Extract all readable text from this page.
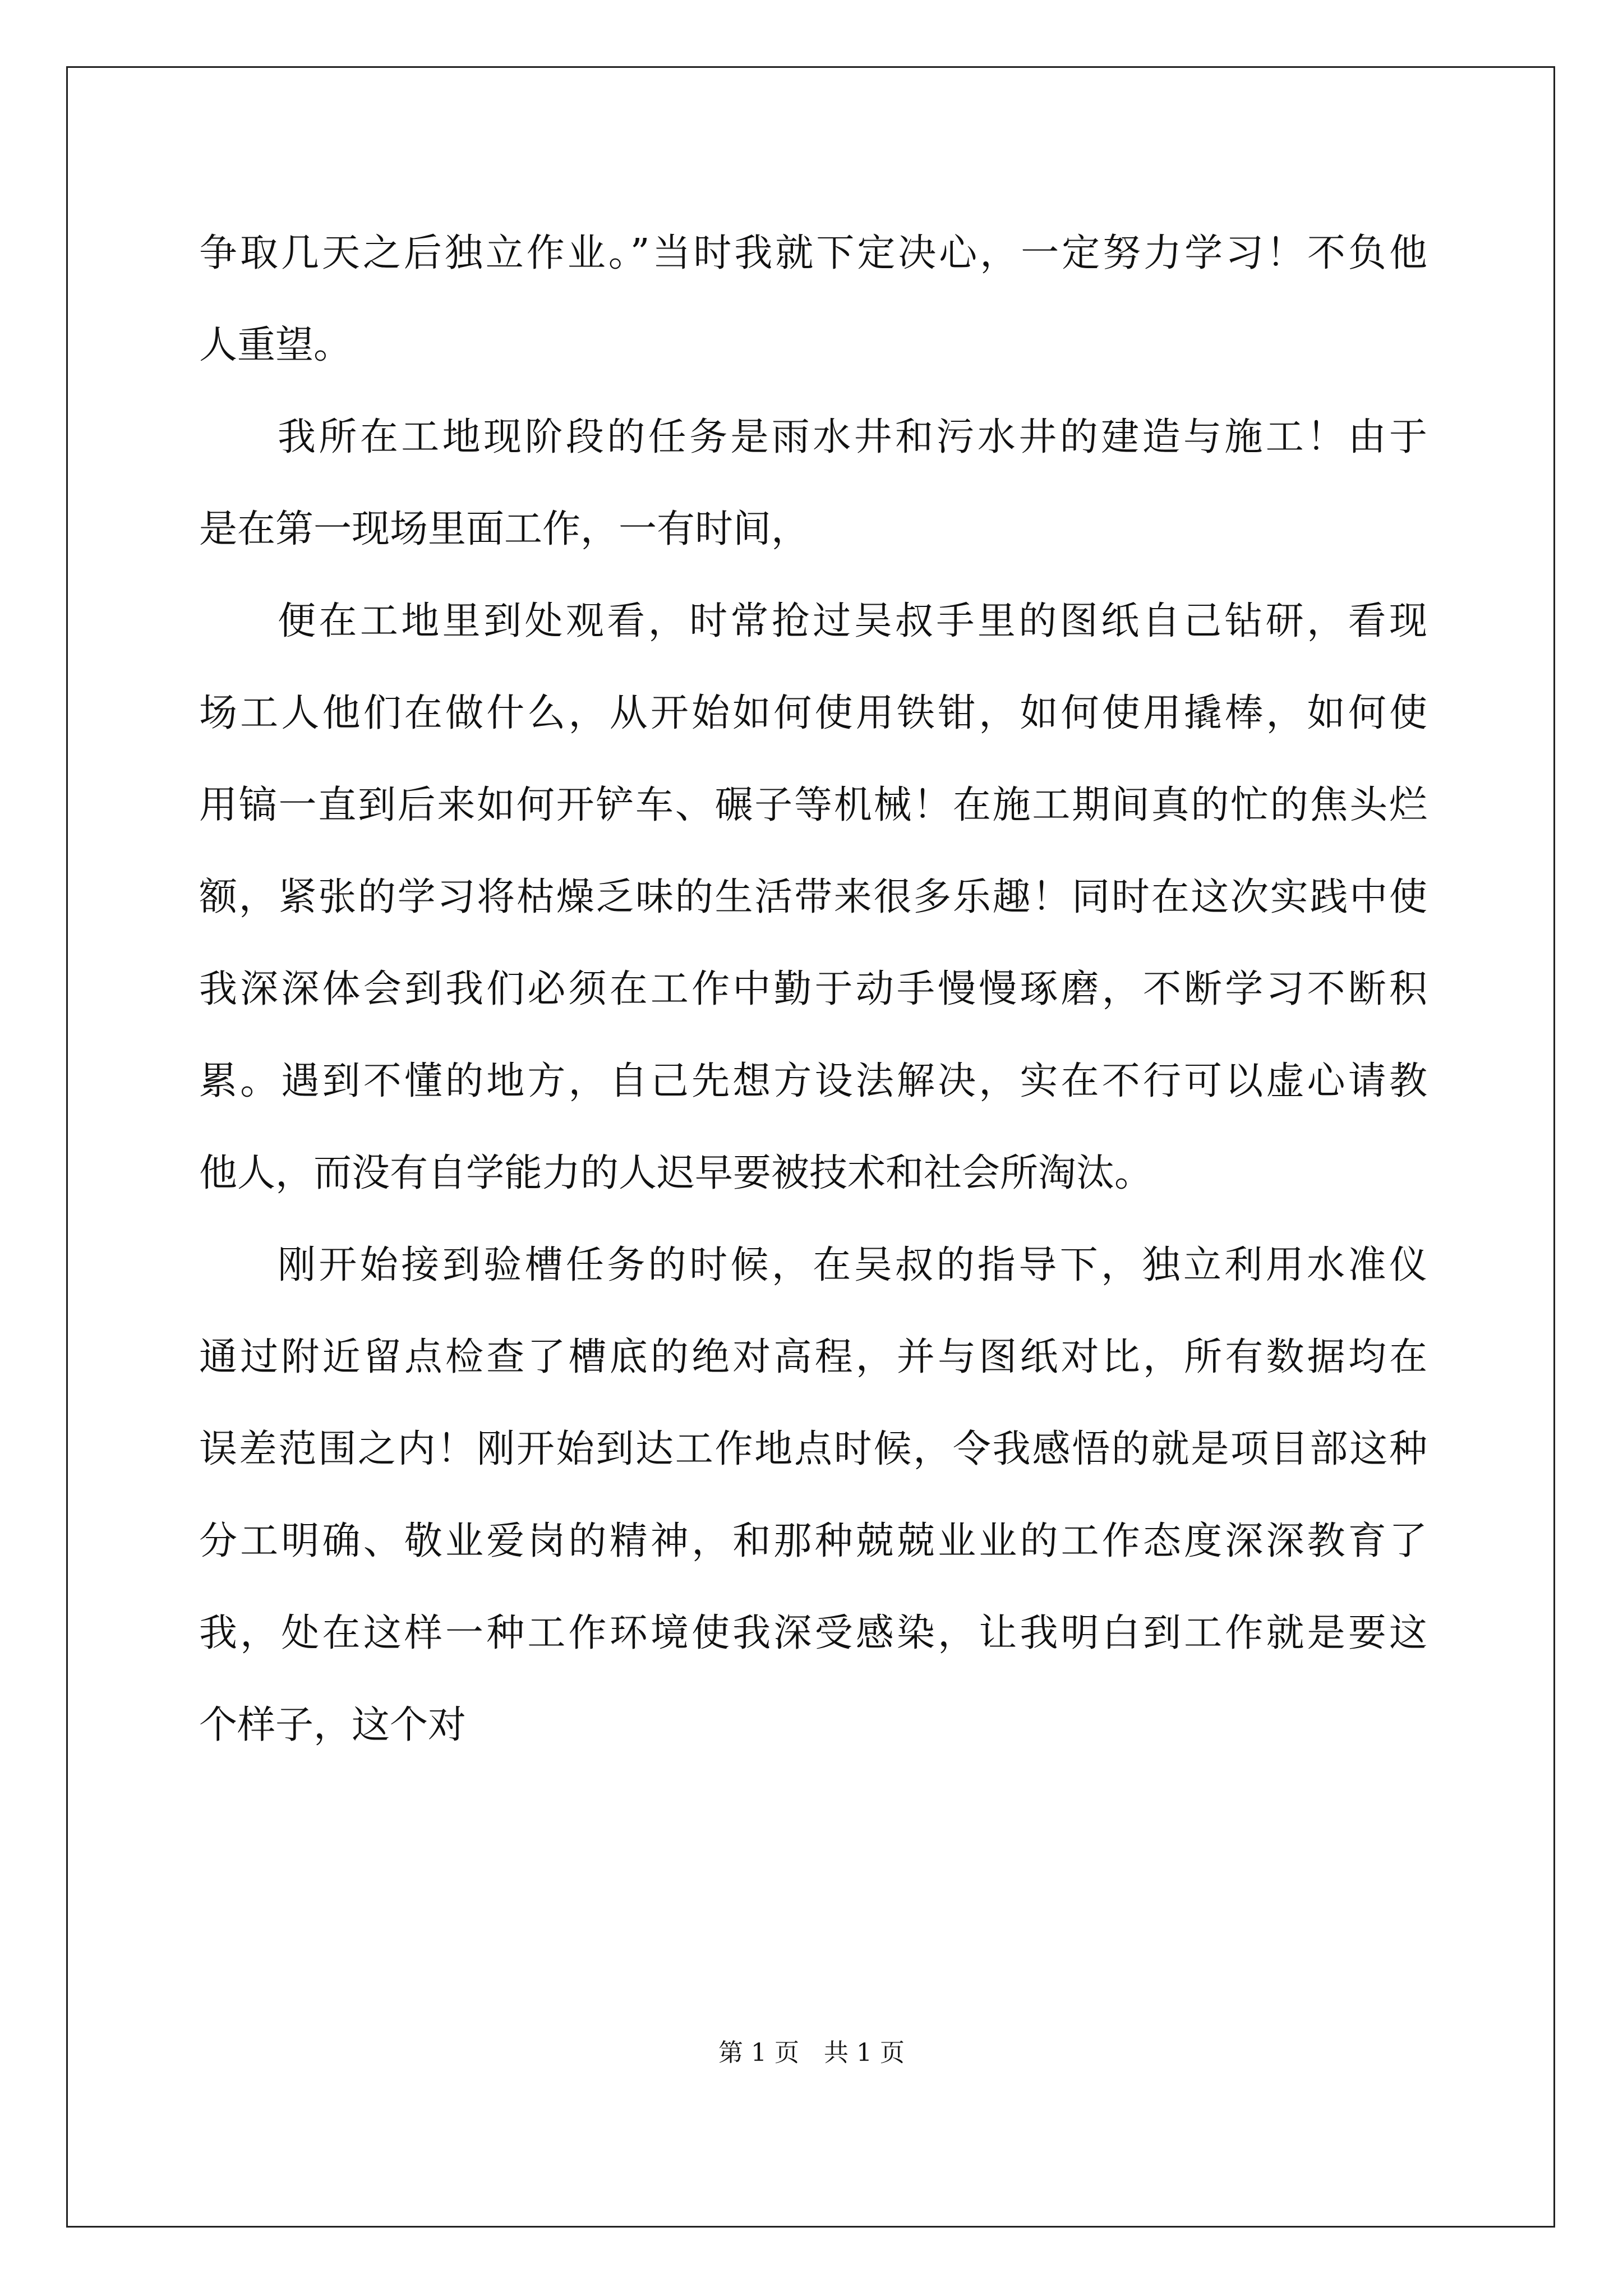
争取几天之后独立作业。”当时我就下定决心，一定努力学习！不负他
人重望。
我所在工地现阶段的任务是雨水井和污水井的建造与施工！由于
是在第一现场里面工作，一有时间，
便在工地里到处观看，时常抢过吴叔手里的图纸自己钻研，看现
场工人他们在做什么，从开始如何使用铁钳，如何使用撬棒，如何使
用镐一直到后来如何开铲车、碾子等机械！在施工期间真的忙的焦头烂
额，紧张的学习将枯燥乏味的生活带来很多乐趣！同时在这次实践中使
我深深体会到我们必须在工作中勤于动手慢慢琢磨，不断学习不断积
累。遇到不懂的地方，自己先想方设法解决，实在不行可以虚心请教
他人，而没有自学能力的人迟早要被技术和社会所淘汰。
刚开始接到验槽任务的时候，在吴叔的指导下，独立利用水准仪
通过附近留点检查了槽底的绝对高程，并与图纸对比，所有数据均在
误差范围之内！刚开始到达工作地点时候，令我感悟的就是项目部这种
分工明确、敬业爱岗的精神，和那种兢兢业业的工作态度深深教育了
我，处在这样一种工作环境使我深受感染，让我明白到工作就是要这
个样子，这个对
第 1 页　共 1 页
